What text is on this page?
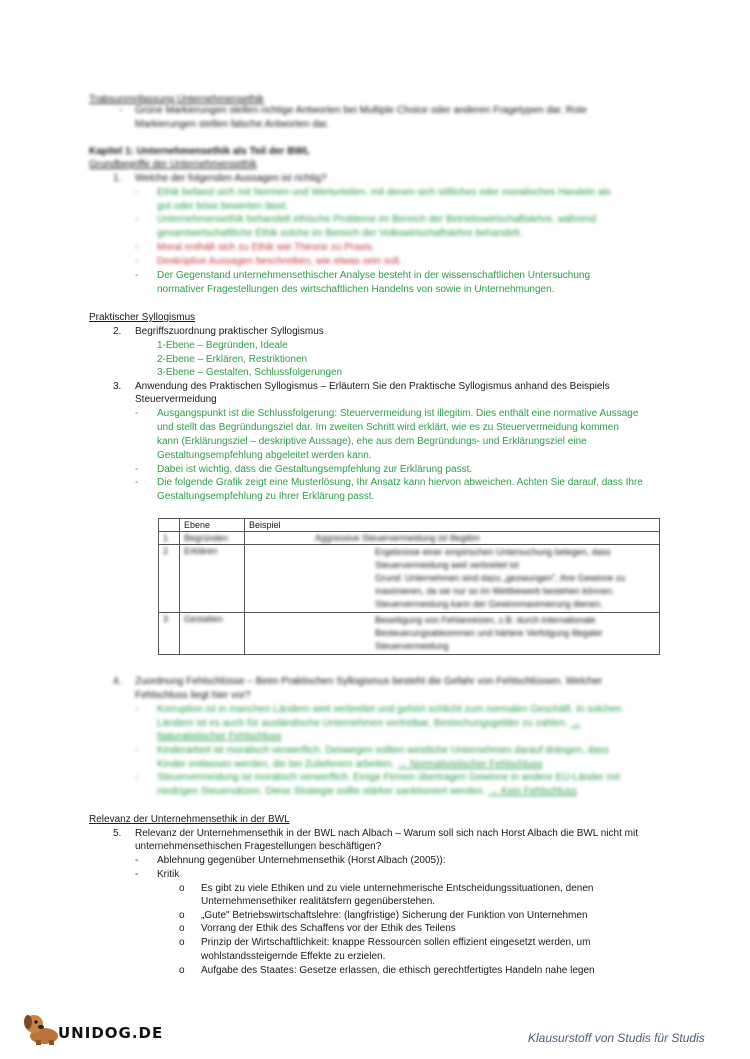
Trabsunmnfassung Unternehmensethik
- Grüne Markierungen stellen richtige Antworten bei Multiple Choice oder anderen Fragetypen dar. Rote Markierungen stellen falsche Antworten dar.
Kapitel 1: Unternehmensethik als Teil der BWL
Grundbegriffe der Unternehmensethik
1. Welche der folgenden Aussagen ist richtig?
- Ethik befasst sich mit Normen und Werturteilen, mit denen sich sittliches oder moralisches Handeln als gut oder böse bewerten lässt.
- Unternehmensethik behandelt ethische Probleme im Bereich der Betriebswirtschaftslehre, während gesamtwirtschaftliche Ethik solche im Bereich der Volkswirtschaftslehre behandelt.
- Moral enthält sich zu Ethik wie Theorie zu Praxis.
- Deskriptive Aussagen beschreiben, wie etwas sein soll.
- Der Gegenstand unternehmensethischer Analyse besteht in der wissenschaftlichen Untersuchung normativer Fragestellungen des wirtschaftlichen Handelns von sowie in Unternehmungen.
Praktischer Syllogismus
2. Begriffszuordnung praktischer Syllogismus
1-Ebene – Begründen, Ideale
2-Ebene – Erklären, Restriktionen
3-Ebene – Gestalten, Schlussfolgerungen
3. Anwendung des Praktischen Syllogismus – Erläutern Sie den Praktische Syllogismus anhand des Beispiels
Steuervermeidung
- Ausgangspunkt ist die Schlussfolgerung: Steuervermeidung ist illegitim. Dies enthält eine normative Aussage
und stellt das Begründungsziel dar. Im zweiten Schritt wird erklärt, wie es zu Steuervermeidung kommen
kann (Erklärungsziel – deskriptive Aussage), ehe aus dem Begründungs- und Erklärungsziel eine
Gestaltungsempfehlung abgeleitet werden kann.
- Dabei ist wichtig, dass die Gestaltungsempfehlung zur Erklärung passt.
- Die folgende Grafik zeigt eine Musterlösung, Ihr Ansatz kann hiervon abweichen. Achten Sie darauf, dass Ihre
Gestaltungsempfehlung zu Ihrer Erklärung passt.
	Ebene	Beispiel
1	Begründen	Aggressive Steuervermeidung ist illegitim
2	Erklären	Ergebnisse einer empirischen Untersuchung belegen, dass Steuervermeidung weit verbreitet ist
Grund: Unternehmen sind dazu „gezwungen", ihre Gewinne zu maximieren, da sie nur so im Wettbewerb bestehen können. Steuervermeidung kann der Gewinnmaximierung dienen.

3	Gestalten	Beseitigung von Fehlanreizen, z.B. durch internationale Besteuerungsabkommen und härtere Verfolgung illegaler Steuervermeidung
4. Zuordnung Fehlschlüsse – Beim Praktischen Syllogismus besteht die Gefahr von Fehlschlüssen. Welcher Fehlschluss liegt hier vor?
- Korruption ist in manchen Ländern weit verbreitet und gehört schlicht zum normalen Geschäft. In solchen Ländern ist es auch für ausländische Unternehmen vertretbar, Bestechungsgelder zu zahlen. → Naturalistischer Fehlschluss
- Kinderarbeit ist moralisch verwerflich. Deswegen sollten westliche Unternehmen darauf drängen, dass Kinder entlassen werden, die bei Zulieferern arbeiten. → Normativistischer Fehlschluss
- Steuervermeidung ist moralisch verwerflich. Einige Firmen übertragen Gewinne in andere EU-Länder mit niedrigen Steuersätzen. Diese Strategie sollte stärker sanktioniert werden. → Kein Fehlschluss
Relevanz der Unternehmensethik in der BWL
5. Relevanz der Unternehmensethik in der BWL nach Albach – Warum soll sich nach Horst Albach die BWL nicht mit
unternehmensethischen Fragestellungen beschäftigen?
- Ablehnung gegenüber Unternehmensethik (Horst Albach (2005)):
- Kritik
o Es gibt zu viele Ethiken und zu viele unternehmerische Entscheidungssituationen, denen
Unternehmensethiker realitätsfern gegenüberstehen.
o „Gute" Betriebswirtschaftslehre: (langfristige) Sicherung der Funktion von Unternehmen
o Vorrang der Ethik des Schaffens vor der Ethik des Teilens
o Prinzip der Wirtschaftlichkeit: knappe Ressourcen sollen effizient eingesetzt werden, um
wohlstandssteigernde Effekte zu erzielen.
o Aufgabe des Staates: Gesetze erlassen, die ethisch gerechtfertigtes Handeln nahe legen
UNIDOG.DE	Klausurstoff von Studis für Studis
